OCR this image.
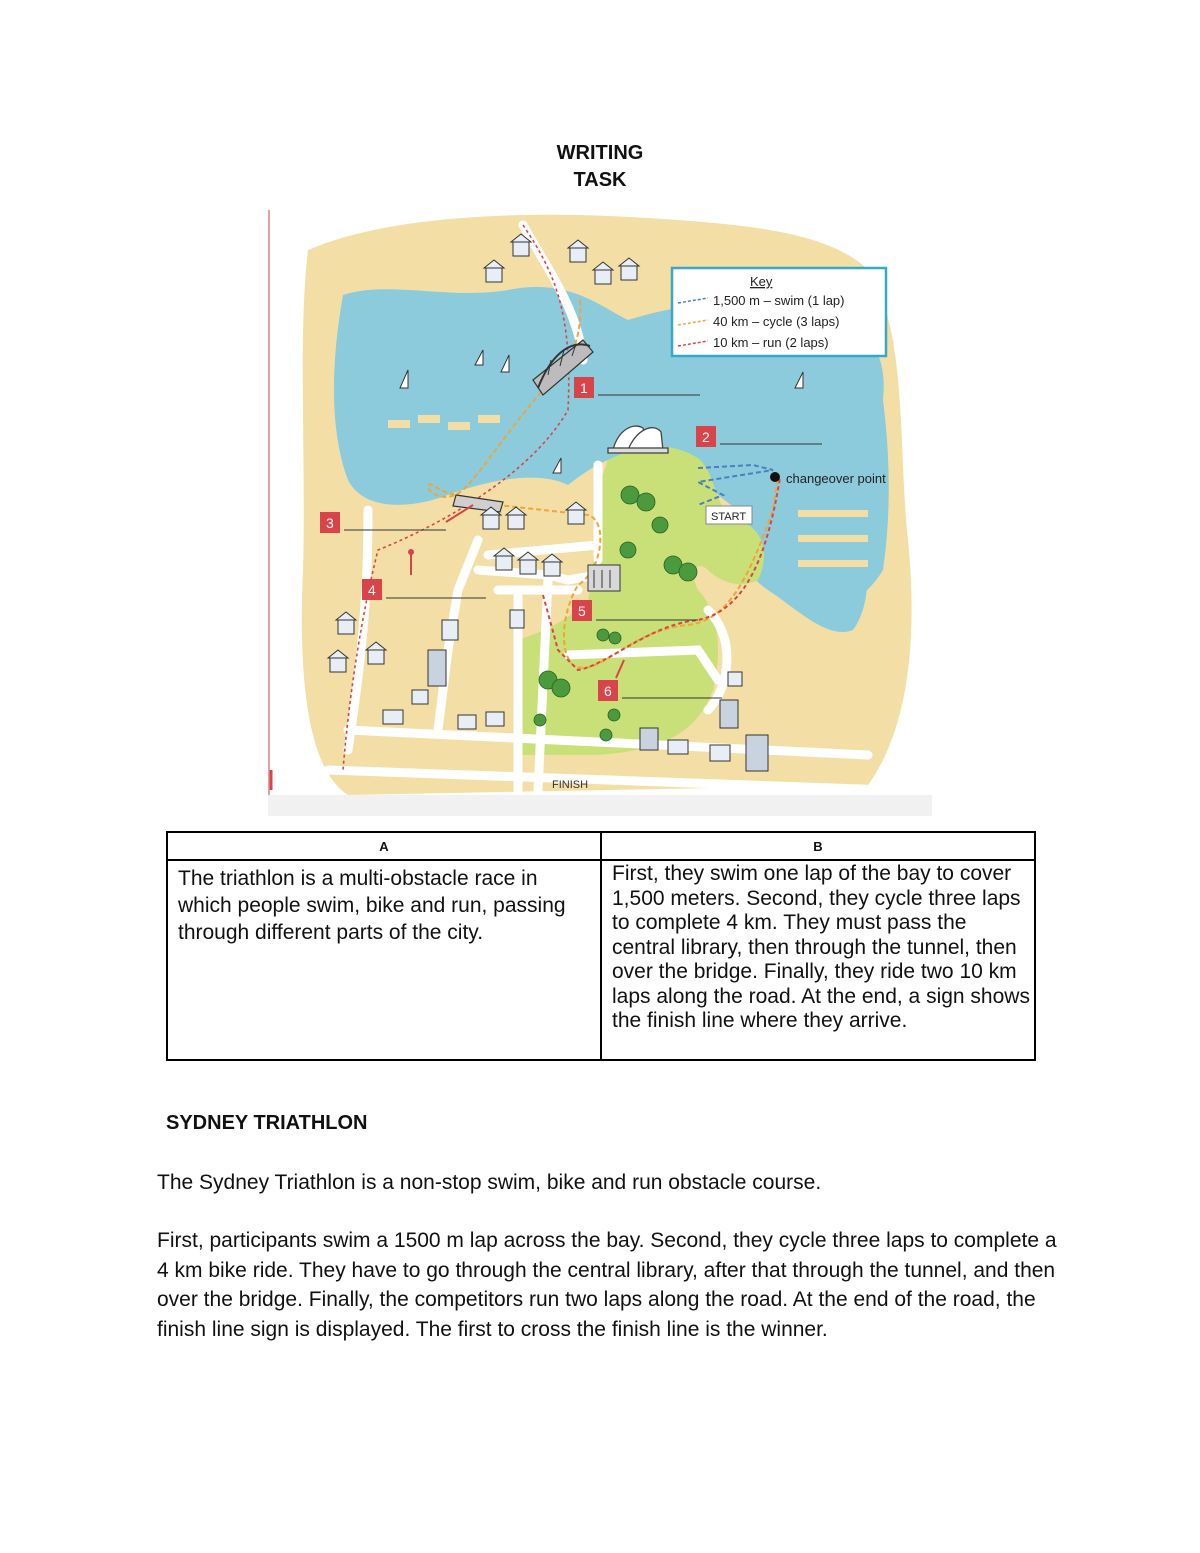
WRITING
TASK
Key
1,500 m – swim (1 lap)
40 km – cycle (3 laps)
10 km – run (2 laps)
changeover point
START
FINISH
1
2
3
4
5
6
A	B
The triathlon is a multi-obstacle race in which people swim, bike and run, passing through different parts of the city.	First, they swim one lap of the bay to cover 1,500 meters. Second, they cycle three laps to complete 4 km. They must pass the central library, then through the tunnel, then over the bridge. Finally, they ride two 10 km laps along the road. At the end, a sign shows the finish line where they arrive.
SYDNEY TRIATHLON

The Sydney Triathlon is a non-stop swim, bike and run obstacle course.

First, participants swim a 1500 m lap across the bay. Second, they cycle three laps to complete a 4 km bike ride. They have to go through the central library, after that through the tunnel, and then over the bridge. Finally, the competitors run two laps along the road. At the end of the road, the finish line sign is displayed. The first to cross the finish line is the winner.
